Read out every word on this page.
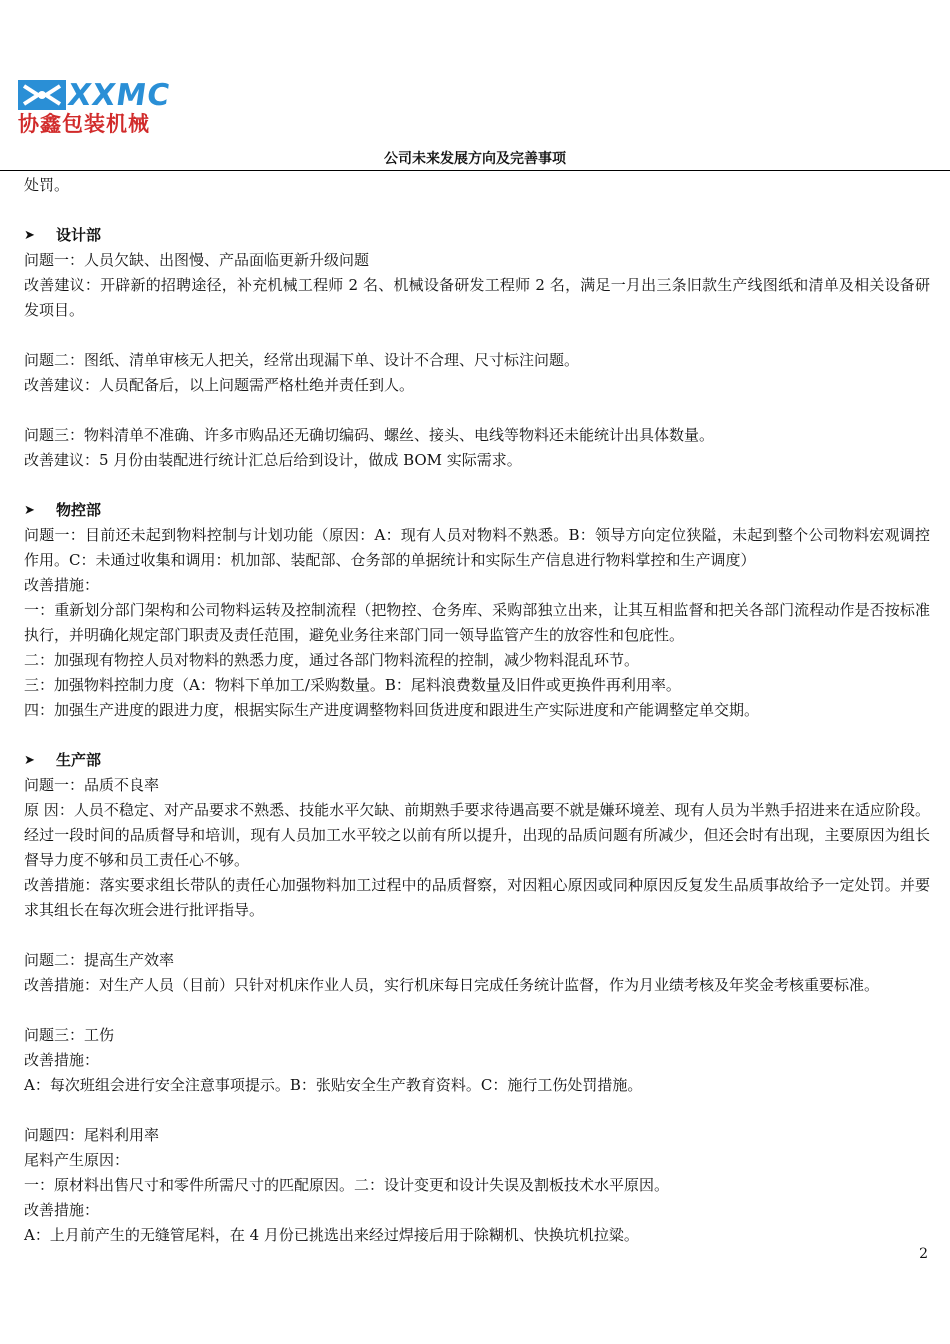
XXMC
协鑫包装机械
公司未来发展方向及完善事项
处罚。
➤	设计部
问题一：人员欠缺、出图慢、产品面临更新升级问题
改善建议：开辟新的招聘途径，补充机械工程师 2 名、机械设备研发工程师 2 名，满足一月出三条旧款生产线图纸和清单及相关设备研发项目。
问题二：图纸、清单审核无人把关，经常出现漏下单、设计不合理、尺寸标注问题。
改善建议：人员配备后，以上问题需严格杜绝并责任到人。
问题三：物料清单不准确、许多市购品还无确切编码、螺丝、接头、电线等物料还未能统计出具体数量。
改善建议：5 月份由装配进行统计汇总后给到设计，做成 BOM 实际需求。
➤	物控部
问题一：目前还未起到物料控制与计划功能（原因：A：现有人员对物料不熟悉。B：领导方向定位狭隘，未起到整个公司物料宏观调控作用。C：未通过收集和调用：机加部、装配部、仓务部的单据统计和实际生产信息进行物料掌控和生产调度）
改善措施：
一：重新划分部门架构和公司物料运转及控制流程（把物控、仓务库、采购部独立出来，让其互相监督和把关各部门流程动作是否按标准执行，并明确化规定部门职责及责任范围，避免业务往来部门同一领导监管产生的放容性和包庇性。
二：加强现有物控人员对物料的熟悉力度，通过各部门物料流程的控制，减少物料混乱环节。
三：加强物料控制力度（A：物料下单加工/采购数量。B：尾料浪费数量及旧件或更换件再利用率。
四：加强生产进度的跟进力度，根据实际生产进度调整物料回货进度和跟进生产实际进度和产能调整定单交期。
➤	生产部
问题一：品质不良率
原 因：人员不稳定、对产品要求不熟悉、技能水平欠缺、前期熟手要求待遇高要不就是嫌环境差、现有人员为半熟手招进来在适应阶段。经过一段时间的品质督导和培训，现有人员加工水平较之以前有所以提升，出现的品质问题有所减少，但还会时有出现，主要原因为组长督导力度不够和员工责任心不够。
改善措施：落实要求组长带队的责任心加强物料加工过程中的品质督察，对因粗心原因或同种原因反复发生品质事故给予一定处罚。并要求其组长在每次班会进行批评指导。
问题二：提高生产效率
改善措施：对生产人员（目前）只针对机床作业人员，实行机床每日完成任务统计监督，作为月业绩考核及年奖金考核重要标准。
问题三：工伤
改善措施：
A：每次班组会进行安全注意事项提示。B：张贴安全生产教育资料。C：施行工伤处罚措施。
问题四：尾料利用率
尾料产生原因：
一：原材料出售尺寸和零件所需尺寸的匹配原因。二：设计变更和设计失误及割板技术水平原因。
改善措施：
A：上月前产生的无缝管尾料，在 4 月份已挑选出来经过焊接后用于除糊机、快换坑机拉粱。
2
